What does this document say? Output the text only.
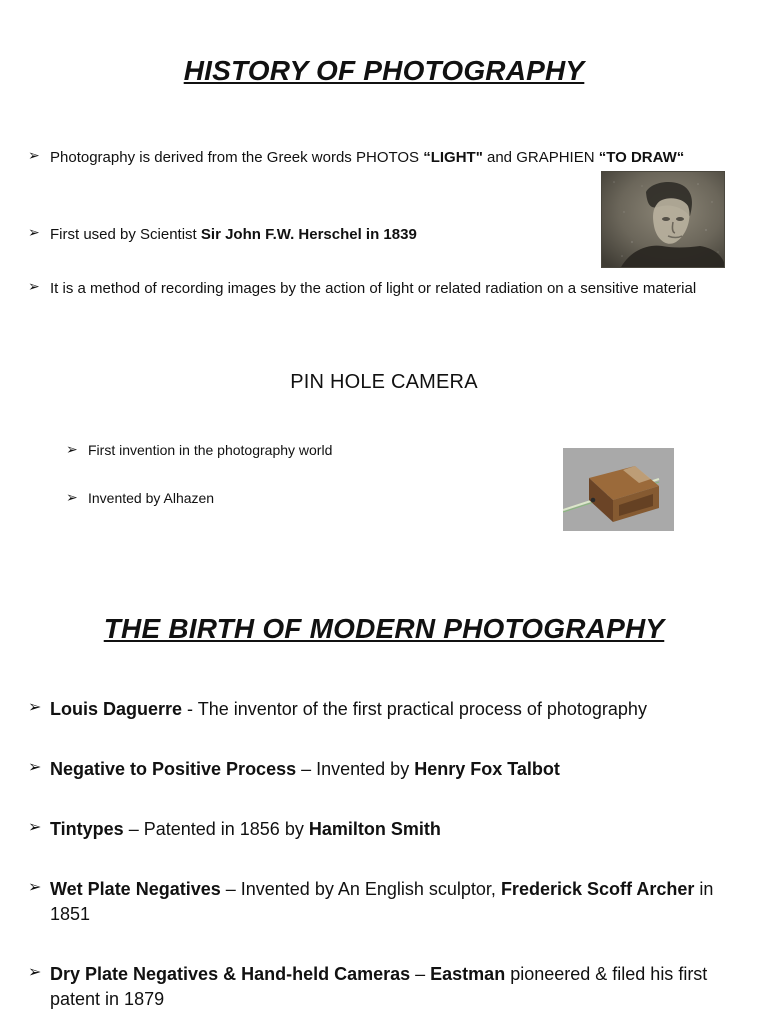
HISTORY OF PHOTOGRAPHY
➢ Photography is derived from the Greek words PHOTOS “LIGHT" and GRAPHIEN “TO DRAW“
➢ First used by Scientist Sir John F.W. Herschel in 1839
➢ It is a method of recording images by the action of light or related radiation on a sensitive material
PIN HOLE CAMERA
➢ First invention in the photography world
➢ Invented by Alhazen
THE BIRTH OF MODERN PHOTOGRAPHY
➢ Louis Daguerre - The inventor of the first practical process of photography
➢ Negative to Positive Process – Invented by Henry Fox Talbot
➢ Tintypes – Patented in 1856 by Hamilton Smith
➢ Wet Plate Negatives – Invented by An English sculptor, Frederick Scoff Archer in 1851
➢ Dry Plate Negatives & Hand-held Cameras – Eastman pioneered & filed his first patent in 1879
